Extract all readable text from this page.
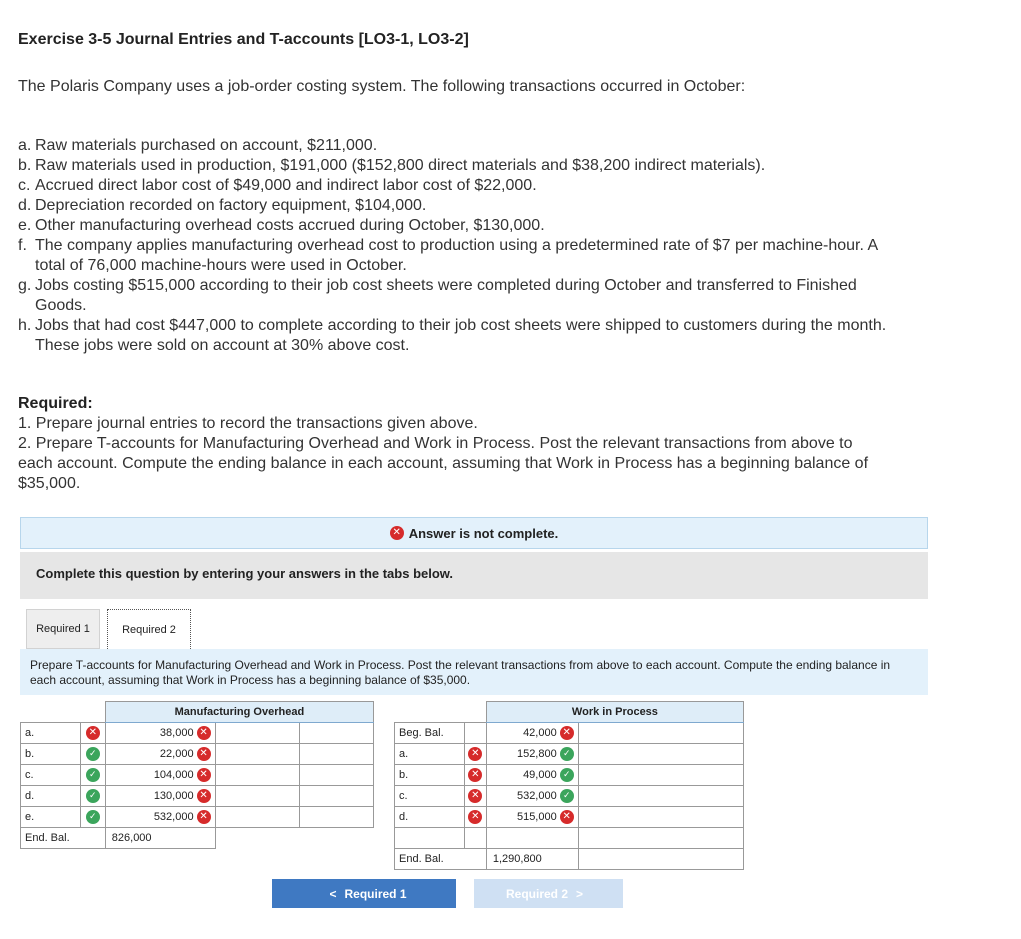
Exercise 3-5 Journal Entries and T-accounts [LO3-1, LO3-2]
The Polaris Company uses a job-order costing system. The following transactions occurred in October:
a. Raw materials purchased on account, $211,000.
b. Raw materials used in production, $191,000 ($152,800 direct materials and $38,200 indirect materials).
c. Accrued direct labor cost of $49,000 and indirect labor cost of $22,000.
d. Depreciation recorded on factory equipment, $104,000.
e. Other manufacturing overhead costs accrued during October, $130,000.
f. The company applies manufacturing overhead cost to production using a predetermined rate of $7 per machine-hour. A total of 76,000 machine-hours were used in October.
g. Jobs costing $515,000 according to their job cost sheets were completed during October and transferred to Finished Goods.
h. Jobs that had cost $447,000 to complete according to their job cost sheets were shipped to customers during the month. These jobs were sold on account at 30% above cost.
Required:
1. Prepare journal entries to record the transactions given above.
2. Prepare T-accounts for Manufacturing Overhead and Work in Process. Post the relevant transactions from above to each account. Compute the ending balance in each account, assuming that Work in Process has a beginning balance of $35,000.
✕ Answer is not complete.
Complete this question by entering your answers in the tabs below.
Required 1	Required 2
Prepare T-accounts for Manufacturing Overhead and Work in Process. Post the relevant transactions from above to each account. Compute the ending balance in each account, assuming that Work in Process has a beginning balance of $35,000.
		Manufacturing Overhead		
a.	✕	38,000 ✕		
b.	✓	22,000 ✕		
c.	✓	104,000 ✕		
d.	✓	130,000 ✕		
e.	✓	532,000 ✕		
End. Bal.		826,000		
		Work in Process	
Beg. Bal.		42,000 ✕	
a.	✕	152,800 ✓	
b.	✕	49,000 ✓	
c.	✕	532,000 ✓	
d.	✕	515,000 ✕	

End. Bal.		1,290,800	
< Required 1	Required 2 >
